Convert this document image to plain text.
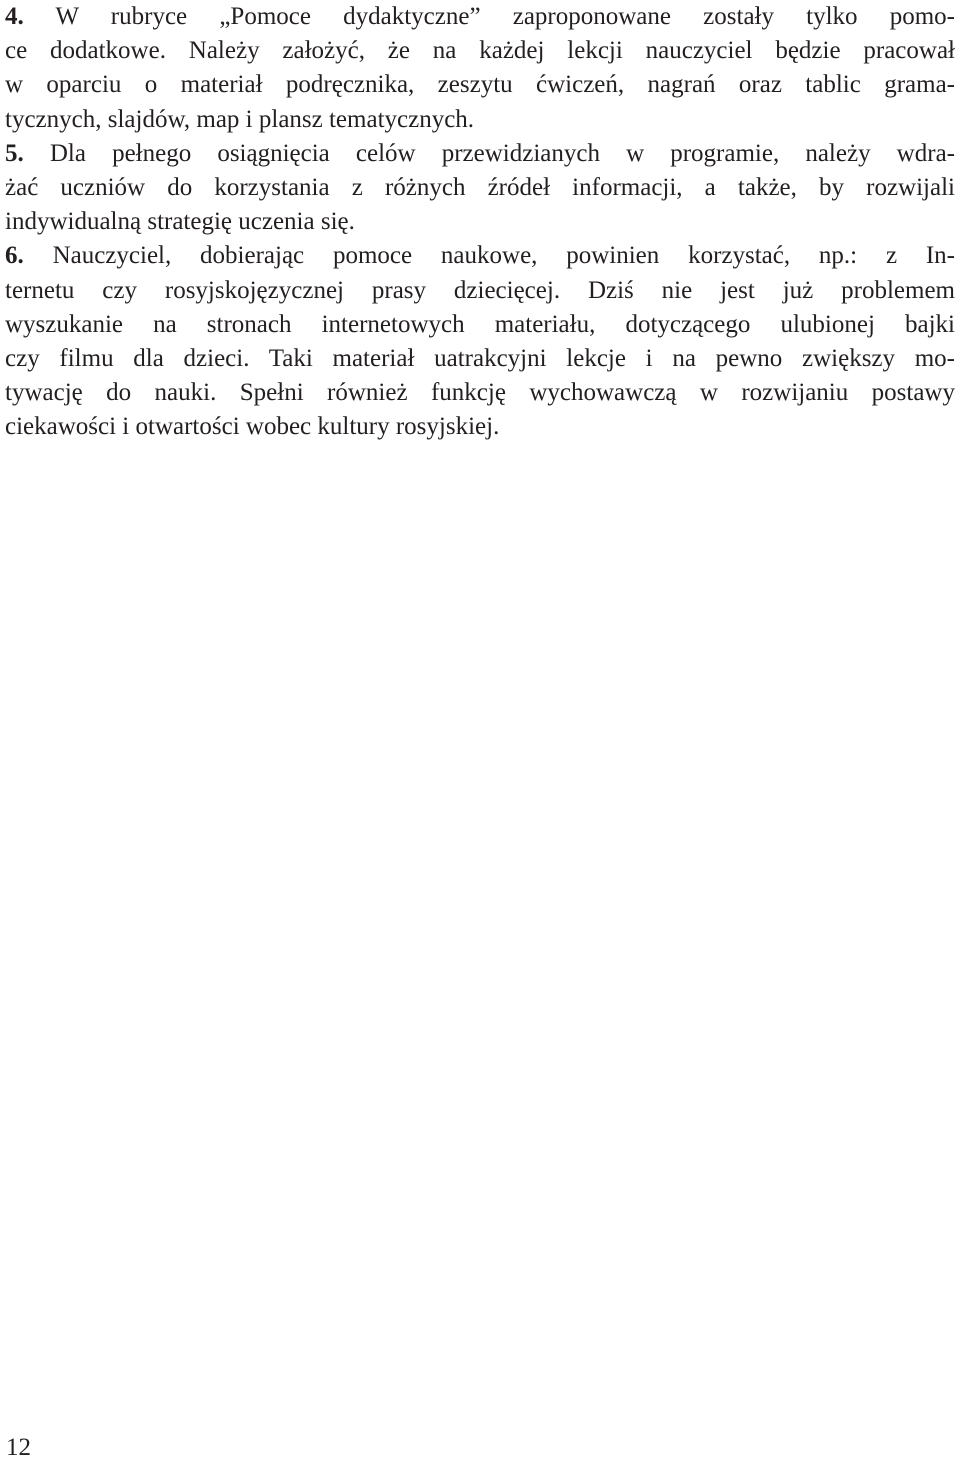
4. W rubryce „Pomoce dydaktyczne” zaproponowane zostały tylko pomo-
ce dodatkowe. Należy założyć, że na każdej lekcji nauczyciel będzie pracował
w oparciu o materiał podręcznika, zeszytu ćwiczeń, nagrań oraz tablic grama-
tycznych, slajdów, map i plansz tematycznych.

5. Dla pełnego osiągnięcia celów przewidzianych w programie, należy wdra-
żać uczniów do korzystania z różnych źródeł informacji, a także, by rozwijali
indywidualną strategię uczenia się.

6. Nauczyciel, dobierając pomoce naukowe, powinien korzystać, np.: z In-
ternetu czy rosyjskojęzycznej prasy dziecięcej. Dziś nie jest już problemem
wyszukanie na stronach internetowych materiału, dotyczącego ulubionej bajki
czy filmu dla dzieci. Taki materiał uatrakcyjni lekcje i na pewno zwiększy mo-
tywację do nauki. Spełni również funkcję wychowawczą w rozwijaniu postawy
ciekawości i otwartości wobec kultury rosyjskiej.

12
